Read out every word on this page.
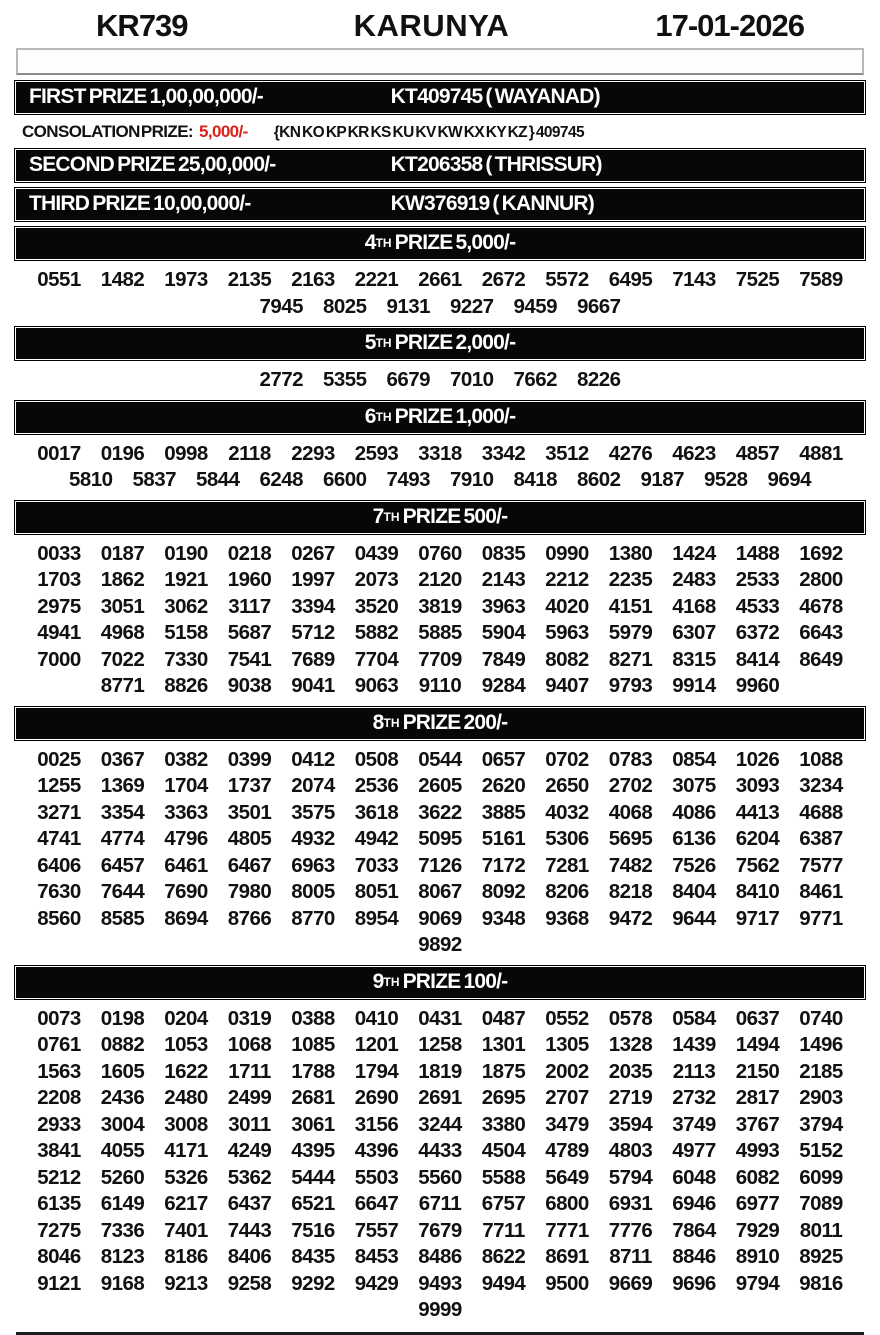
KR739	KARUNYA	17-01-2026
FIRST PRIZE 1,00,00,000/-	KT409745 ( WAYANAD)
CONSOLATION PRIZE: 5,000/- {KN KO KP KR KS KU KV KW KX KY KZ } 409745
SECOND PRIZE 25,00,000/-	KT206358 ( THRISSUR)
THIRD PRIZE 10,00,000/-	KW376919 ( KANNUR)
4 TH PRIZE 5,000/-
0551 1482 1973 2135 2163 2221 2661 2672 5572 6495 7143 7525 7589
7945 8025 9131 9227 9459 9667
5 TH PRIZE 2,000/-
2772 5355 6679 7010 7662 8226
6 TH PRIZE 1,000/-
0017 0196 0998 2118 2293 2593 3318 3342 3512 4276 4623 4857 4881
5810 5837 5844 6248 6600 7493 7910 8418 8602 9187 9528 9694
7 TH PRIZE 500/-
0033 0187 0190 0218 0267 0439 0760 0835 0990 1380 1424 1488 1692
1703 1862 1921 1960 1997 2073 2120 2143 2212 2235 2483 2533 2800
2975 3051 3062 3117 3394 3520 3819 3963 4020 4151 4168 4533 4678
4941 4968 5158 5687 5712 5882 5885 5904 5963 5979 6307 6372 6643
7000 7022 7330 7541 7689 7704 7709 7849 8082 8271 8315 8414 8649
8771 8826 9038 9041 9063 9110 9284 9407 9793 9914 9960
8 TH PRIZE 200/-
0025 0367 0382 0399 0412 0508 0544 0657 0702 0783 0854 1026 1088
1255 1369 1704 1737 2074 2536 2605 2620 2650 2702 3075 3093 3234
3271 3354 3363 3501 3575 3618 3622 3885 4032 4068 4086 4413 4688
4741 4774 4796 4805 4932 4942 5095 5161 5306 5695 6136 6204 6387
6406 6457 6461 6467 6963 7033 7126 7172 7281 7482 7526 7562 7577
7630 7644 7690 7980 8005 8051 8067 8092 8206 8218 8404 8410 8461
8560 8585 8694 8766 8770 8954 9069 9348 9368 9472 9644 9717 9771
9892
9 TH PRIZE 100/-
0073 0198 0204 0319 0388 0410 0431 0487 0552 0578 0584 0637 0740
0761 0882 1053 1068 1085 1201 1258 1301 1305 1328 1439 1494 1496
1563 1605 1622 1711 1788 1794 1819 1875 2002 2035 2113 2150 2185
2208 2436 2480 2499 2681 2690 2691 2695 2707 2719 2732 2817 2903
2933 3004 3008 3011 3061 3156 3244 3380 3479 3594 3749 3767 3794
3841 4055 4171 4249 4395 4396 4433 4504 4789 4803 4977 4993 5152
5212 5260 5326 5362 5444 5503 5560 5588 5649 5794 6048 6082 6099
6135 6149 6217 6437 6521 6647 6711 6757 6800 6931 6946 6977 7089
7275 7336 7401 7443 7516 7557 7679 7711 7771 7776 7864 7929 8011
8046 8123 8186 8406 8435 8453 8486 8622 8691 8711 8846 8910 8925
9121 9168 9213 9258 9292 9429 9493 9494 9500 9669 9696 9794 9816
9999
